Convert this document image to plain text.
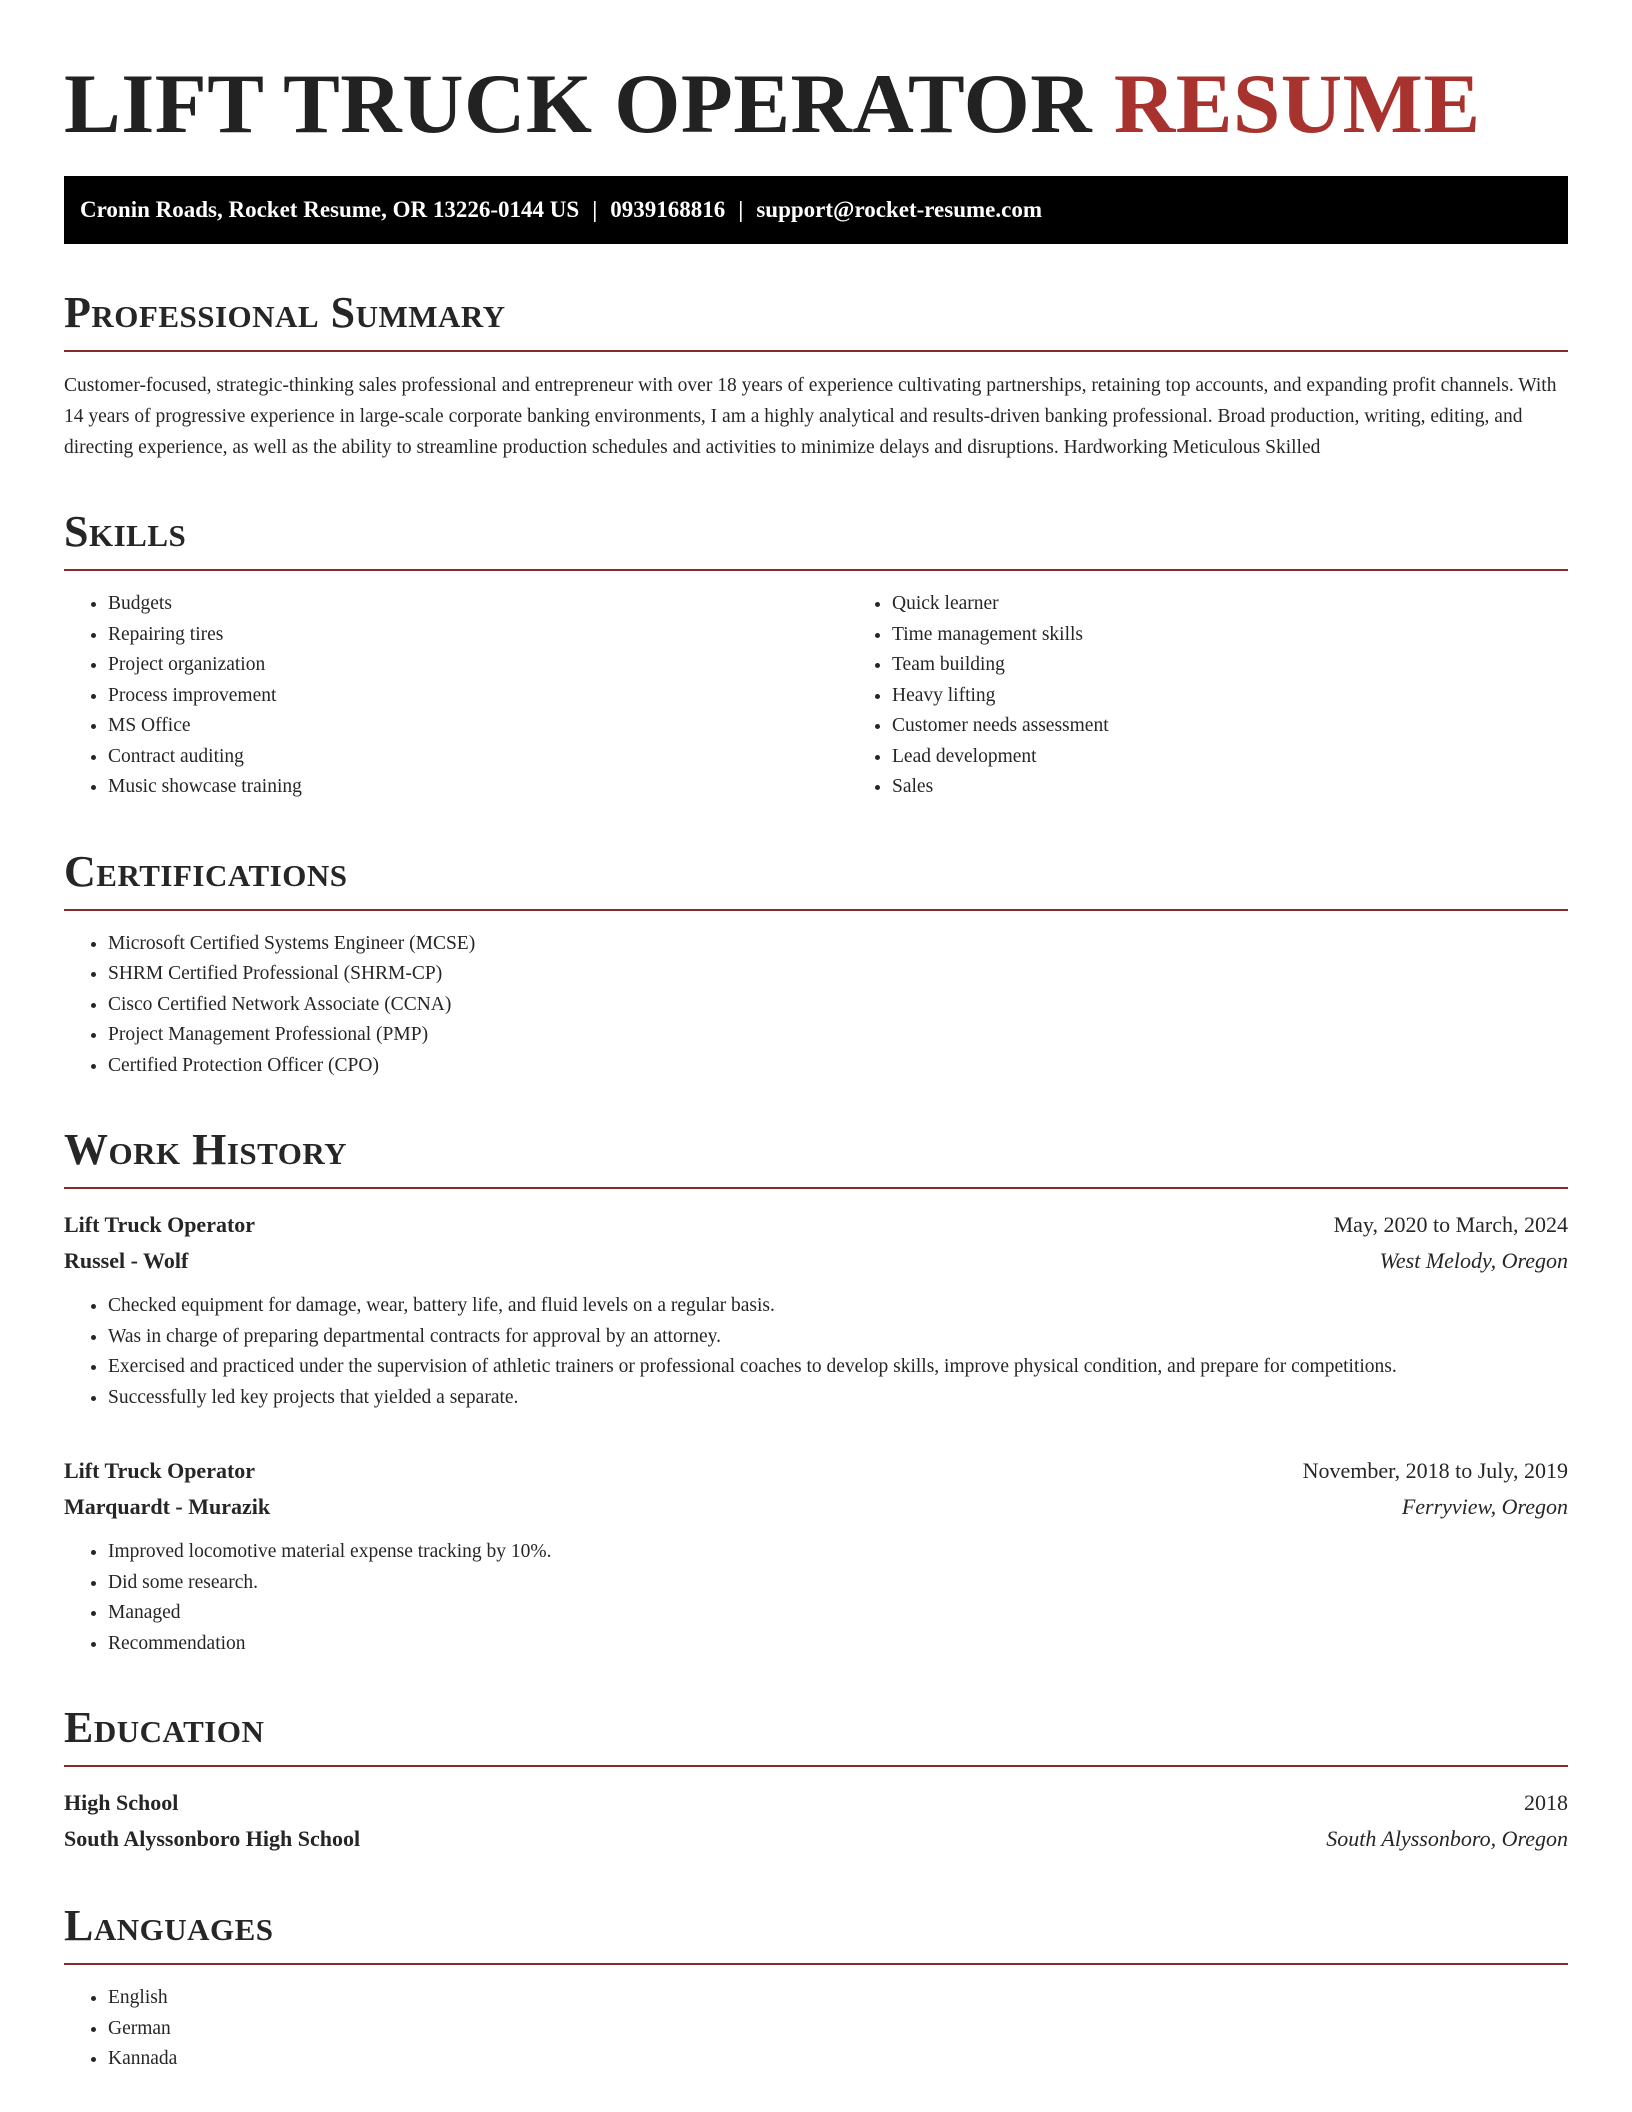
LIFT TRUCK OPERATOR RESUME
Cronin Roads, Rocket Resume, OR 13226-0144 US | 0939168816 | support@rocket-resume.com
Professional Summary

Customer-focused, strategic-thinking sales professional and entrepreneur with over 18 years of experience cultivating partnerships, retaining top accounts, and expanding profit channels. With 14 years of progressive experience in large-scale corporate banking environments, I am a highly analytical and results-driven banking professional. Broad production, writing, editing, and directing experience, as well as the ability to streamline production schedules and activities to minimize delays and disruptions. Hardworking Meticulous Skilled

Skills
• Budgets
• Repairing tires
• Project organization
• Process improvement
• MS Office
• Contract auditing
• Music showcase training
• Quick learner
• Time management skills
• Team building
• Heavy lifting
• Customer needs assessment
• Lead development
• Sales
Certifications
• Microsoft Certified Systems Engineer (MCSE)
• SHRM Certified Professional (SHRM-CP)
• Cisco Certified Network Associate (CCNA)
• Project Management Professional (PMP)
• Certified Protection Officer (CPO)
Work History
Lift Truck Operator	May, 2020 to March, 2024
Russel - Wolf	West Melody, Oregon
• Checked equipment for damage, wear, battery life, and fluid levels on a regular basis.
• Was in charge of preparing departmental contracts for approval by an attorney.
• Exercised and practiced under the supervision of athletic trainers or professional coaches to develop skills, improve physical condition, and prepare for competitions.
• Successfully led key projects that yielded a separate.
Lift Truck Operator	November, 2018 to July, 2019
Marquardt - Murazik	Ferryview, Oregon
• Improved locomotive material expense tracking by 10%.
• Did some research.
• Managed
• Recommendation
Education
High School	2018
South Alyssonboro High School	South Alyssonboro, Oregon
Languages
• English
• German
• Kannada
